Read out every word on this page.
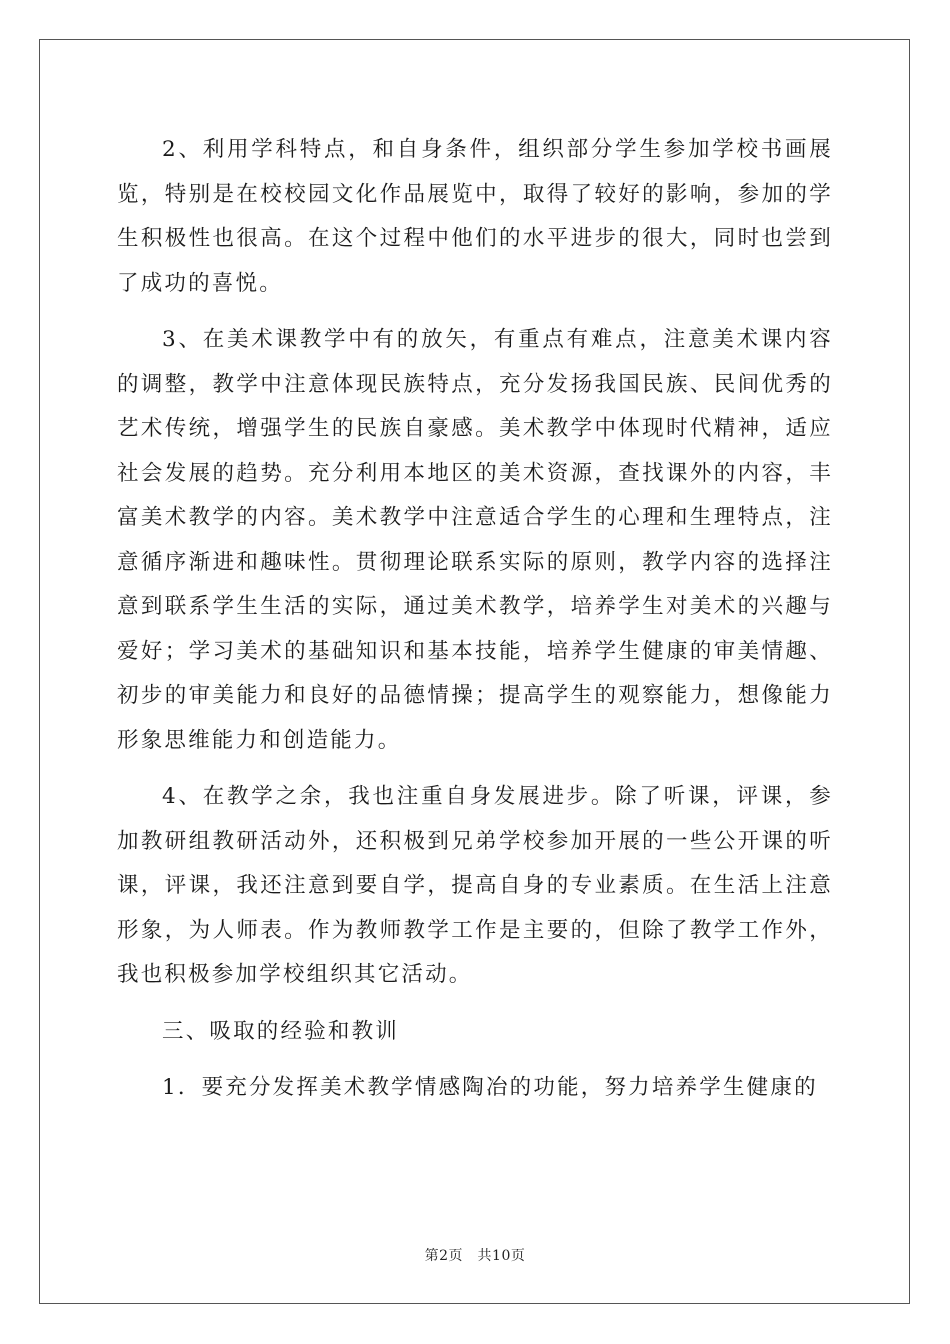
2、利用学科特点，和自身条件，组织部分学生参加学校书画展览，特别是在校校园文化作品展览中，取得了较好的影响，参加的学生积极性也很高。在这个过程中他们的水平进步的很大，同时也尝到了成功的喜悦。

3、在美术课教学中有的放矢，有重点有难点，注意美术课内容的调整，教学中注意体现民族特点，充分发扬我国民族、民间优秀的艺术传统，增强学生的民族自豪感。美术教学中体现时代精神，适应社会发展的趋势。充分利用本地区的美术资源，查找课外的内容，丰富美术教学的内容。美术教学中注意适合学生的心理和生理特点，注意循序渐进和趣味性。贯彻理论联系实际的原则，教学内容的选择注意到联系学生生活的实际，通过美术教学，培养学生对美术的兴趣与爱好；学习美术的基础知识和基本技能，培养学生健康的审美情趣、初步的审美能力和良好的品德情操；提高学生的观察能力，想像能力形象思维能力和创造能力。

4、在教学之余，我也注重自身发展进步。除了听课，评课，参加教研组教研活动外，还积极到兄弟学校参加开展的一些公开课的听课，评课，我还注意到要自学，提高自身的专业素质。在生活上注意形象，为人师表。作为教师教学工作是主要的，但除了教学工作外，我也积极参加学校组织其它活动。

三、吸取的经验和教训

1．要充分发挥美术教学情感陶冶的功能，努力培养学生健康的

第2页　共10页
